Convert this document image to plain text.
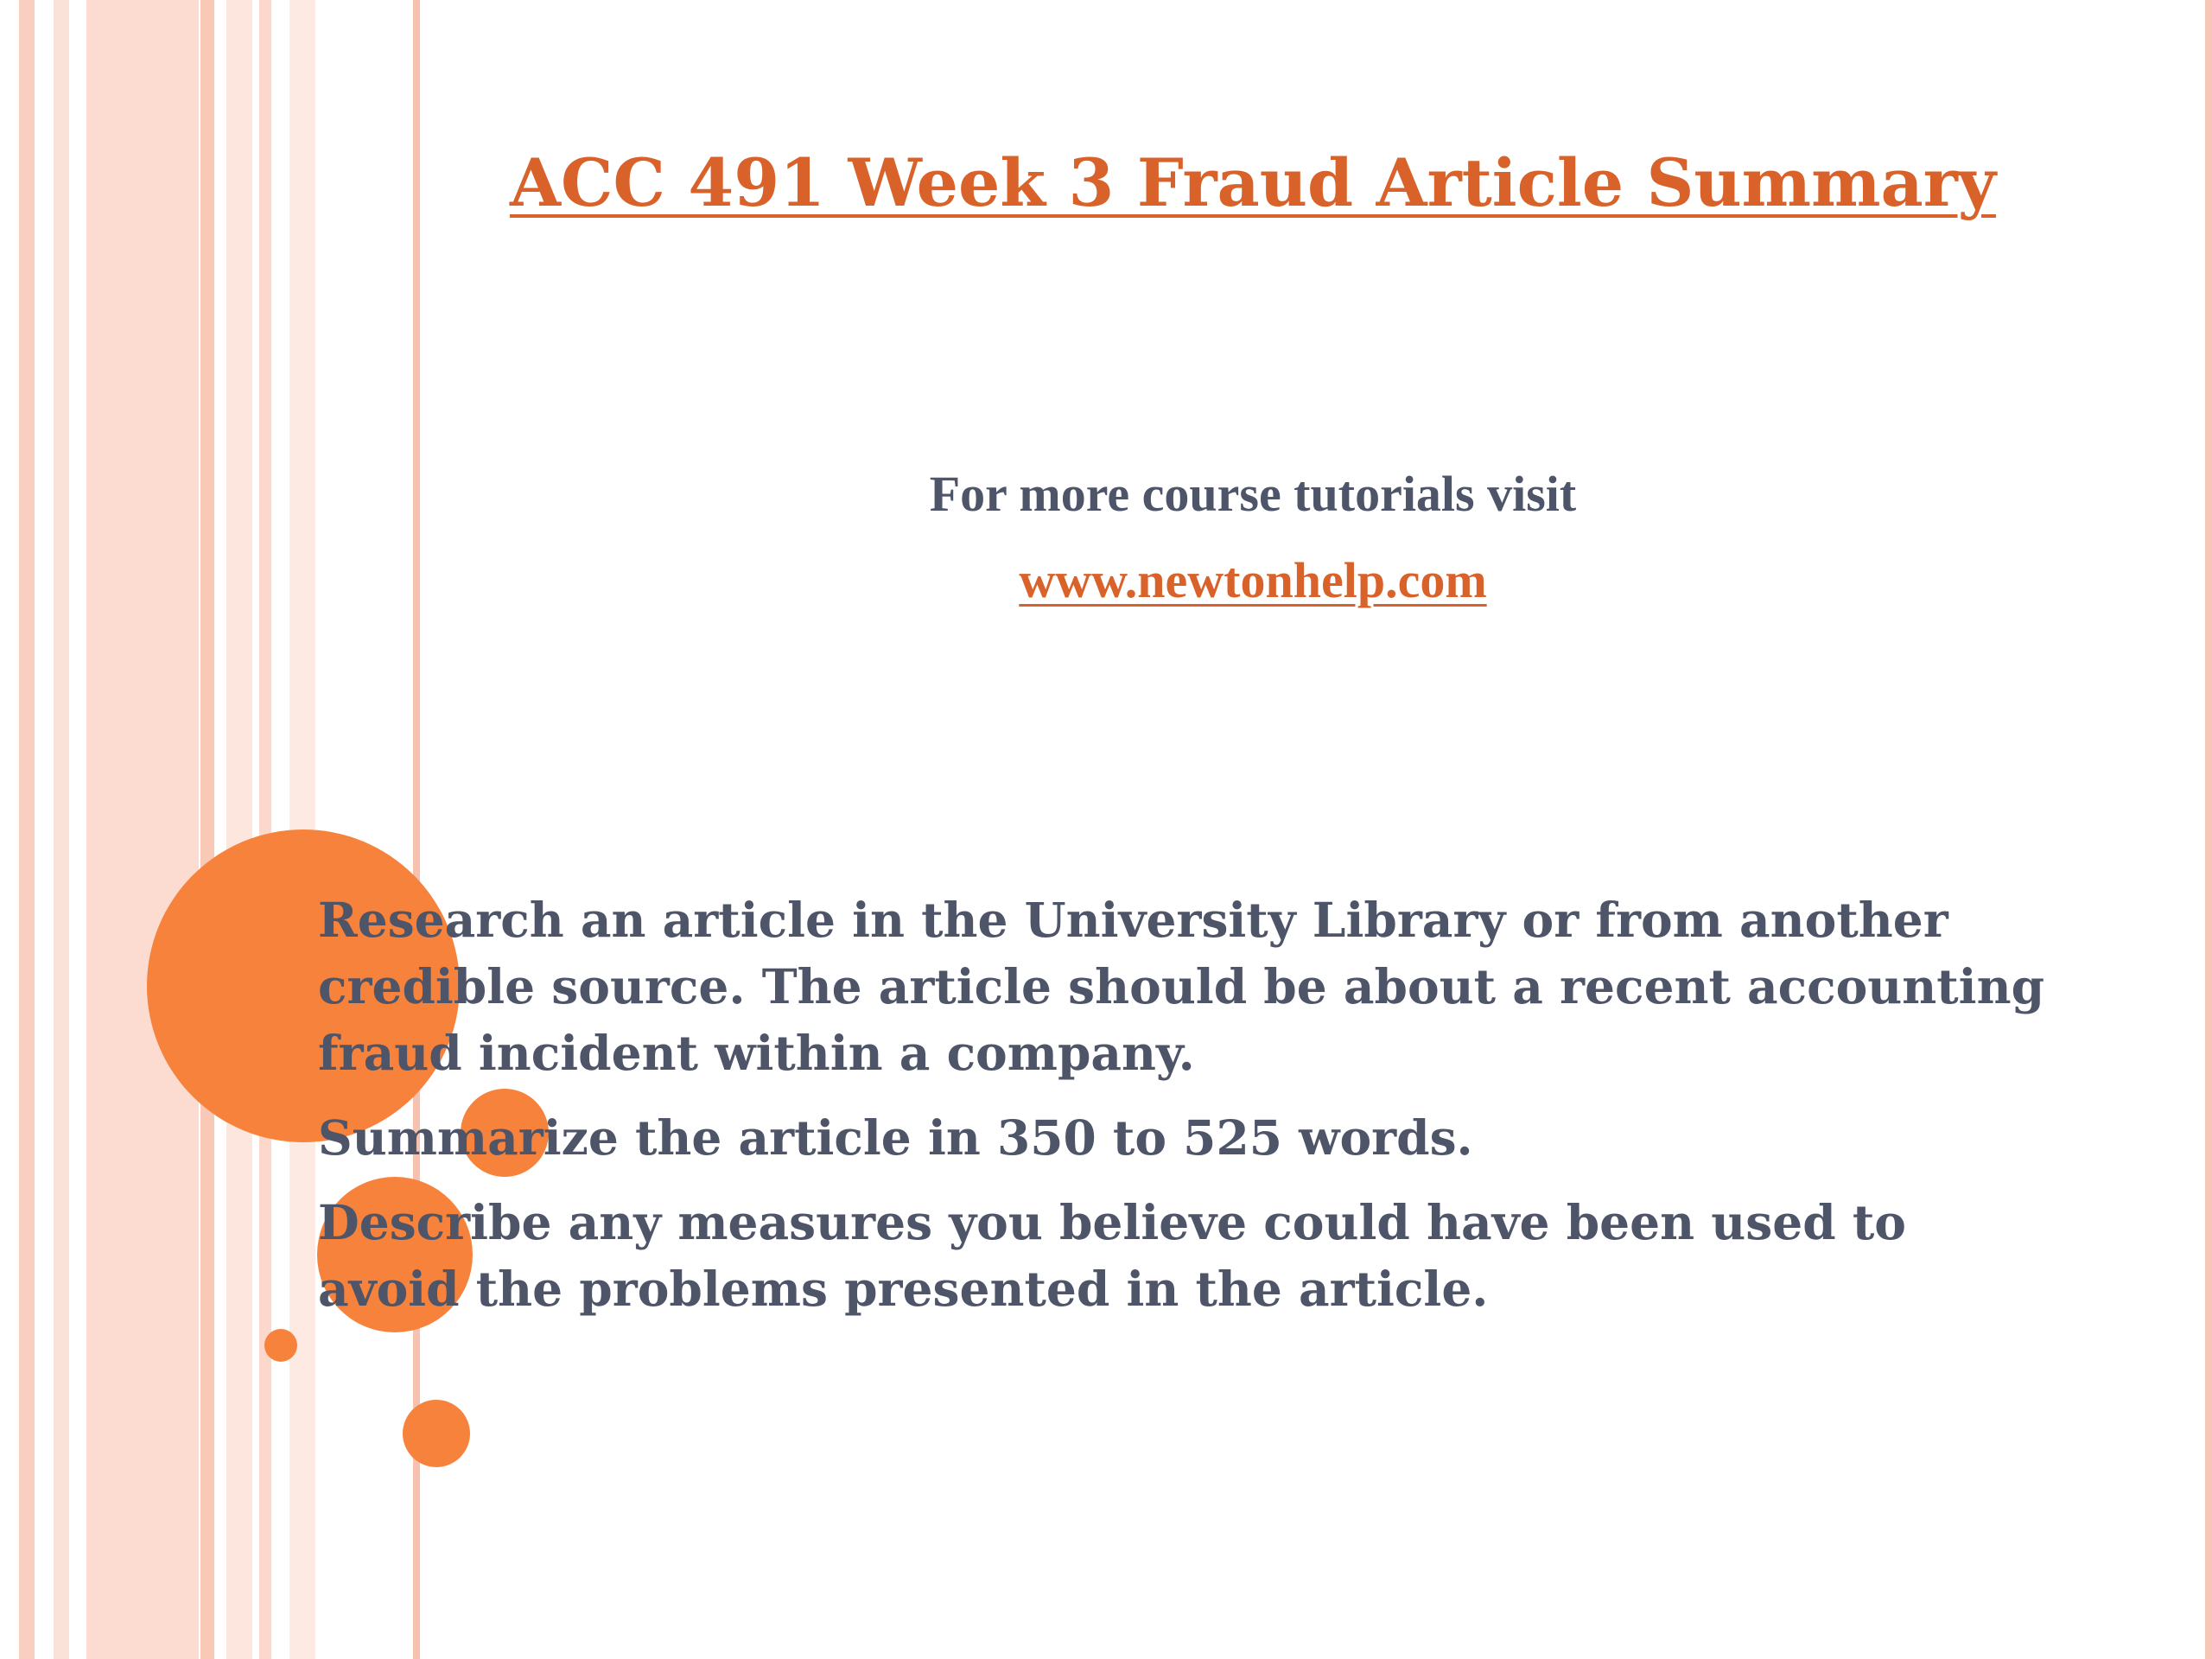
ACC 491 Week 3 Fraud Article Summary

For more course tutorials visit

www.newtonhelp.com

Research an article in the University Library or from another
credible source. The article should be about a recent accounting
fraud incident within a company.

Summarize the article in 350 to 525 words.

Describe any measures you believe could have been used to
avoid the problems presented in the article.
